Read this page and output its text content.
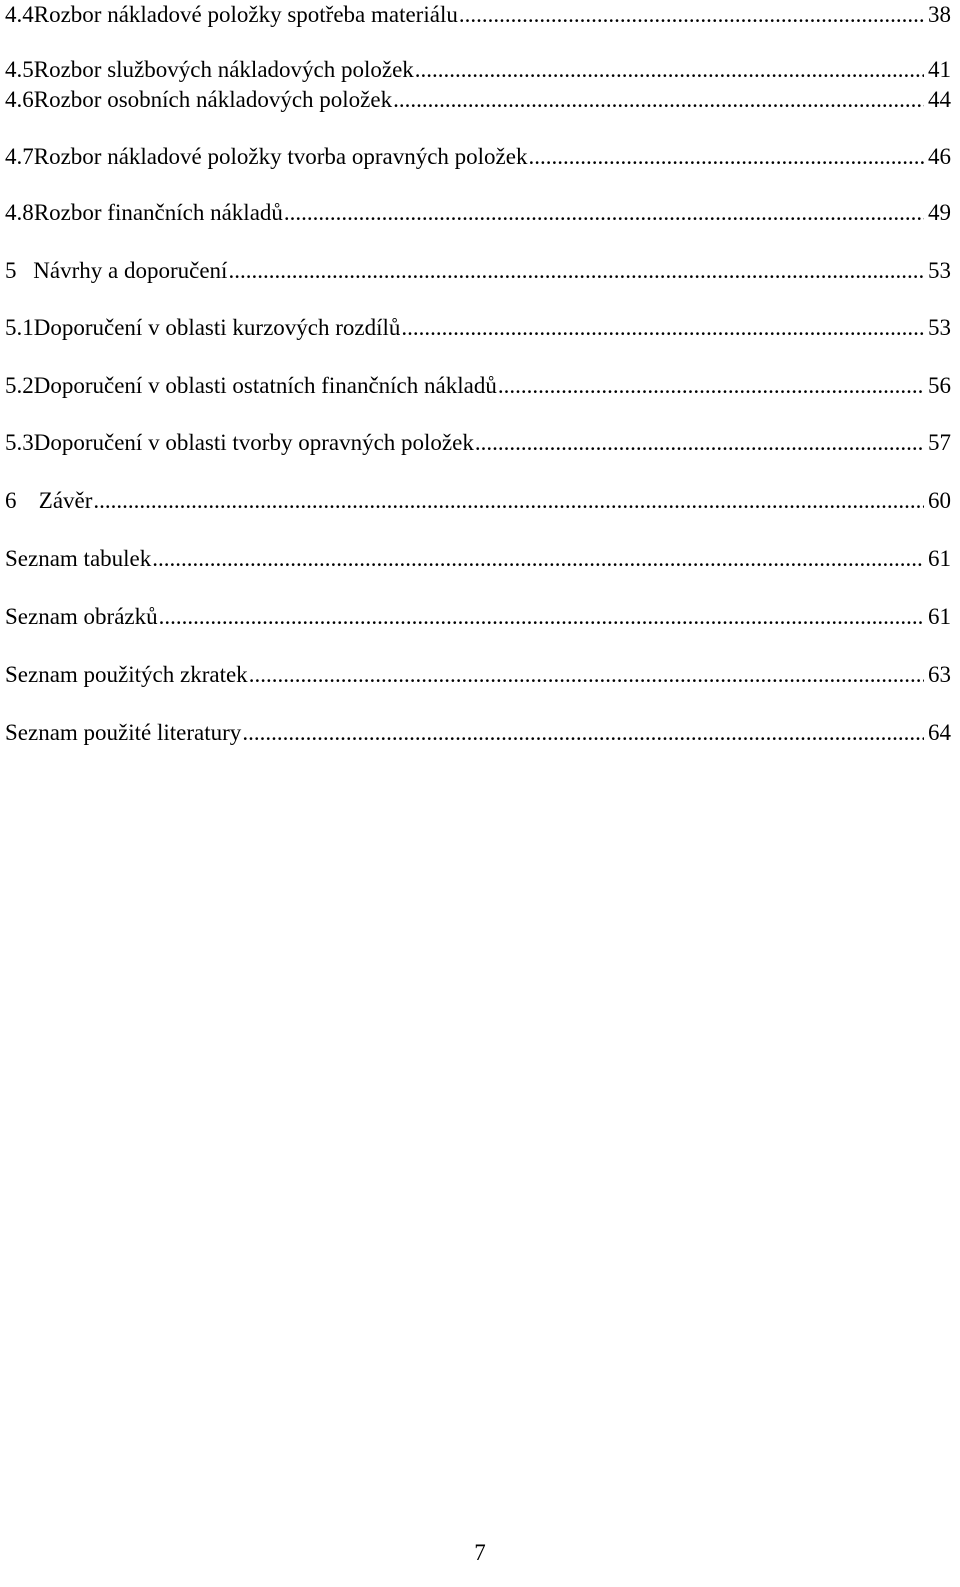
4.4 Rozbor nákladové položky spotřeba materiálu .....	38
4.5 Rozbor službových nákladových položek .....	41
4.6 Rozbor osobních nákladových položek .....	44
4.7 Rozbor nákladové položky tvorba opravných položek .....	46
4.8 Rozbor finančních nákladů .....	49
5 Návrhy a doporučení .....	53
5.1 Doporučení v oblasti kurzových rozdílů .....	53
5.2 Doporučení v oblasti ostatních finančních nákladů .....	56
5.3 Doporučení v oblasti tvorby opravných položek .....	57
6 Závěr .....	60
Seznam tabulek .....	61
Seznam obrázků .....	61
Seznam použitých zkratek .....	63
Seznam použité literatury .....	64
7
